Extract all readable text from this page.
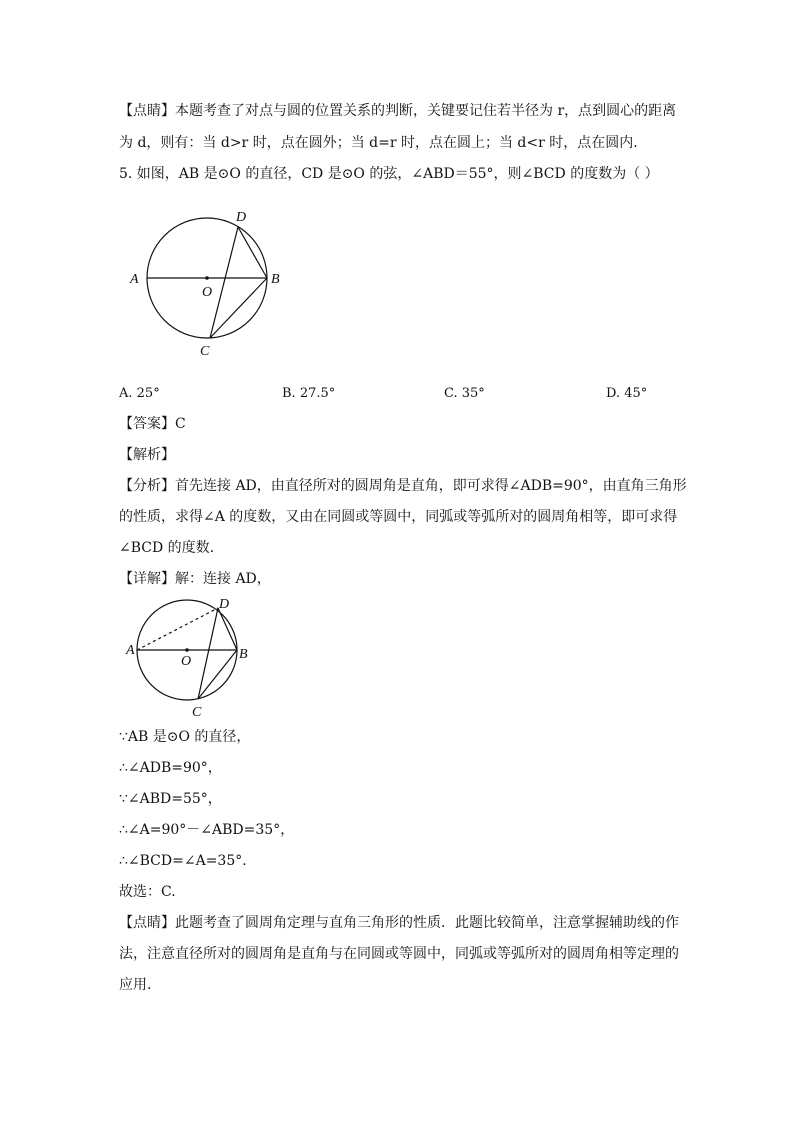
【点睛】本题考查了对点与圆的位置关系的判断，关键要记住若半径为 r，点到圆心的距离
为 d，则有：当 d>r 时，点在圆外；当 d=r 时，点在圆上；当 d<r 时，点在圆内.
5. 如图，AB 是⊙O 的直径，CD 是⊙O 的弦，∠ABD＝55°，则∠BCD 的度数为（ ）
A	B
C
D
O
A. 25°	B. 27.5°	C. 35°	D. 45°
【答案】C
【解析】
【分析】首先连接 AD，由直径所对的圆周角是直角，即可求得∠ADB=90°，由直角三角形
的性质，求得∠A 的度数，又由在同圆或等圆中，同弧或等弧所对的圆周角相等，即可求得
∠BCD 的度数.
【详解】解：连接 AD，
A	B
C
D
O
∵AB 是⊙O 的直径，
∴∠ADB=90°，
∵∠ABD=55°，
∴∠A=90°－∠ABD=35°，
∴∠BCD=∠A=35°.
故选：C.
【点睛】此题考查了圆周角定理与直角三角形的性质．此题比较简单，注意掌握辅助线的作
法，注意直径所对的圆周角是直角与在同圆或等圆中，同弧或等弧所对的圆周角相等定理的
应用.
